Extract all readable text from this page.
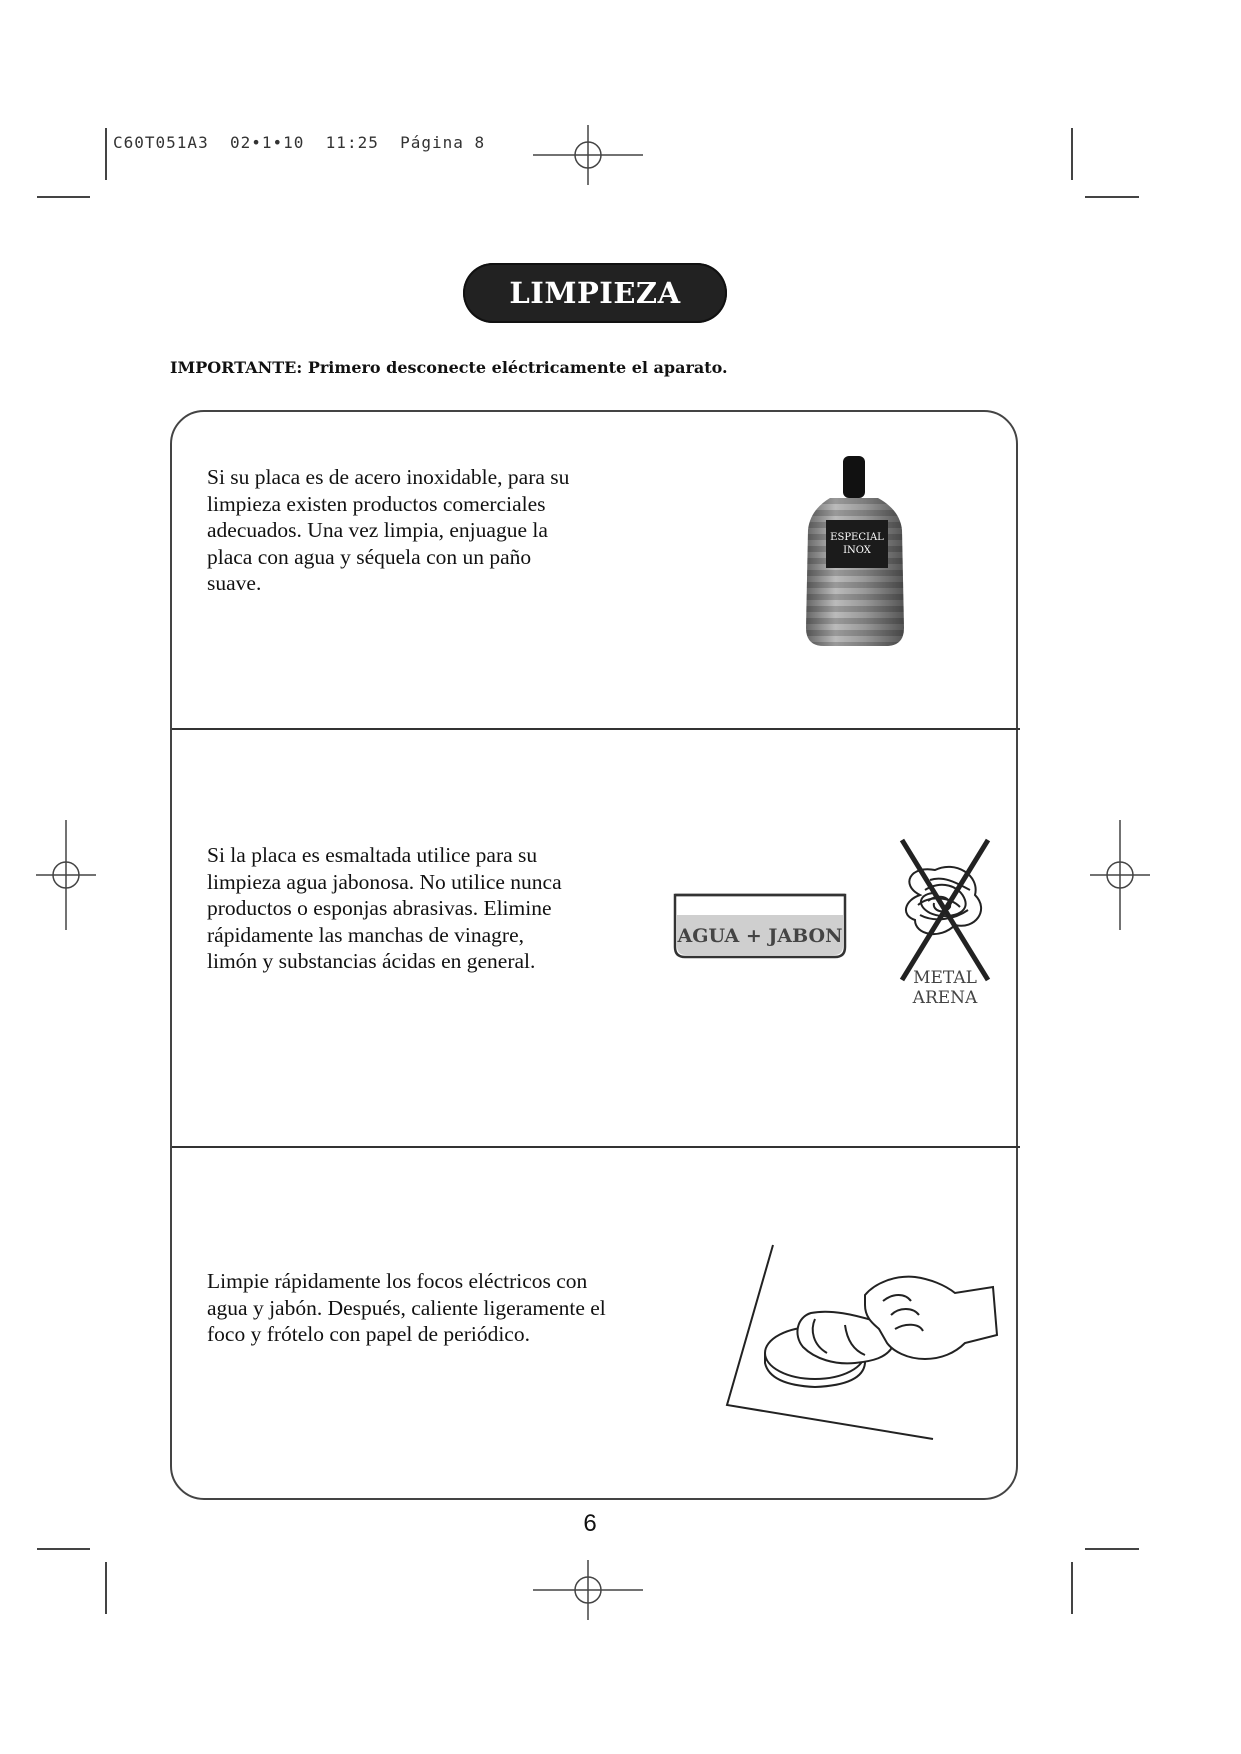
C60T051A3 02•1•10 11:25 Página 8
LIMPIEZA
IMPORTANTE: Primero desconecte eléctricamente el aparato.
Si su placa es de acero inoxidable, para su
limpieza existen productos comerciales
adecuados. Una vez limpia, enjuague la
placa con agua y séquela con un paño
suave.
ESPECIAL
INOX
Si la placa es esmaltada utilice para su
limpieza agua jabonosa. No utilice nunca
productos o esponjas abrasivas. Elimine
rápidamente las manchas de vinagre,
limón y substancias ácidas en general.
AGUA + JABON
METAL
ARENA
Limpie rápidamente los focos eléctricos con
agua y jabón. Después, caliente ligeramente el
foco y frótelo con papel de periódico.
6
